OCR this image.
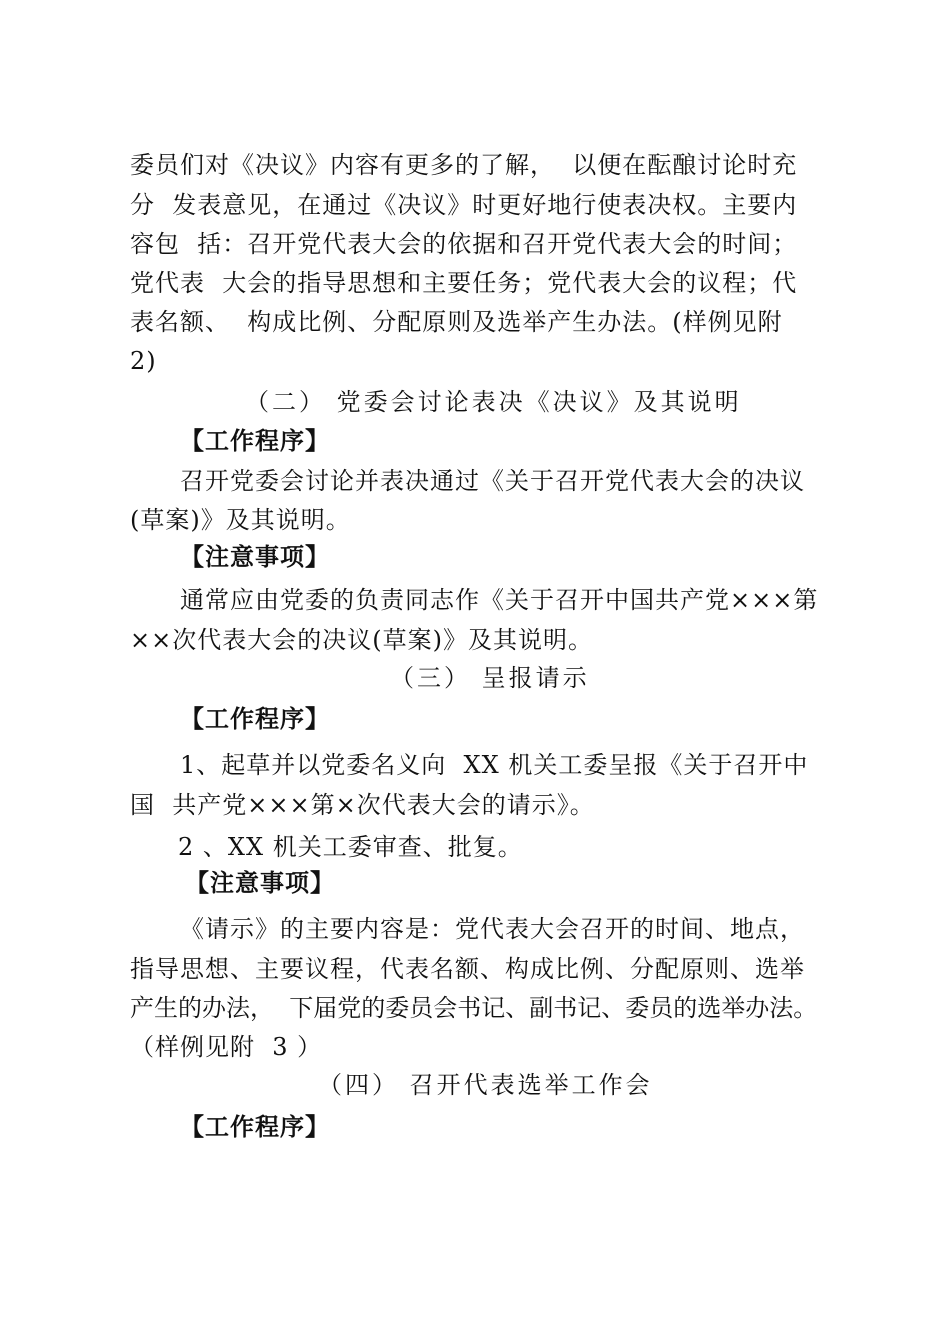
委员们对《决议》内容有更多的了解，  以便在酝酿讨论时充
分  发表意见，在通过《决议》时更好地行使表决权。主要内
容包  括：召开党代表大会的依据和召开党代表大会的时间；
党代表  大会的指导思想和主要任务；党代表大会的议程；代
表名额、  构成比例、分配原则及选举产生办法。(样例见附
2)
（二） 党委会讨论表决《决议》及其说明
【工作程序】
召开党委会讨论并表决通过《关于召开党代表大会的决议
(草案)》及其说明。
【注意事项】
通常应由党委的负责同志作《关于召开中国共产党×××第
××次代表大会的决议(草案)》及其说明。
（三） 呈报请示
【工作程序】
1、起草并以党委名义向  XX 机关工委呈报《关于召开中
国  共产党×××第×次代表大会的请示》。
2 、XX 机关工委审查、批复。
【注意事项】
《请示》的主要内容是：党代表大会召开的时间、地点，
指导思想、主要议程，代表名额、构成比例、分配原则、选举
产生的办法，  下届党的委员会书记、副书记、委员的选举办法。
（样例见附  3 ）
（四） 召开代表选举工作会
【工作程序】
